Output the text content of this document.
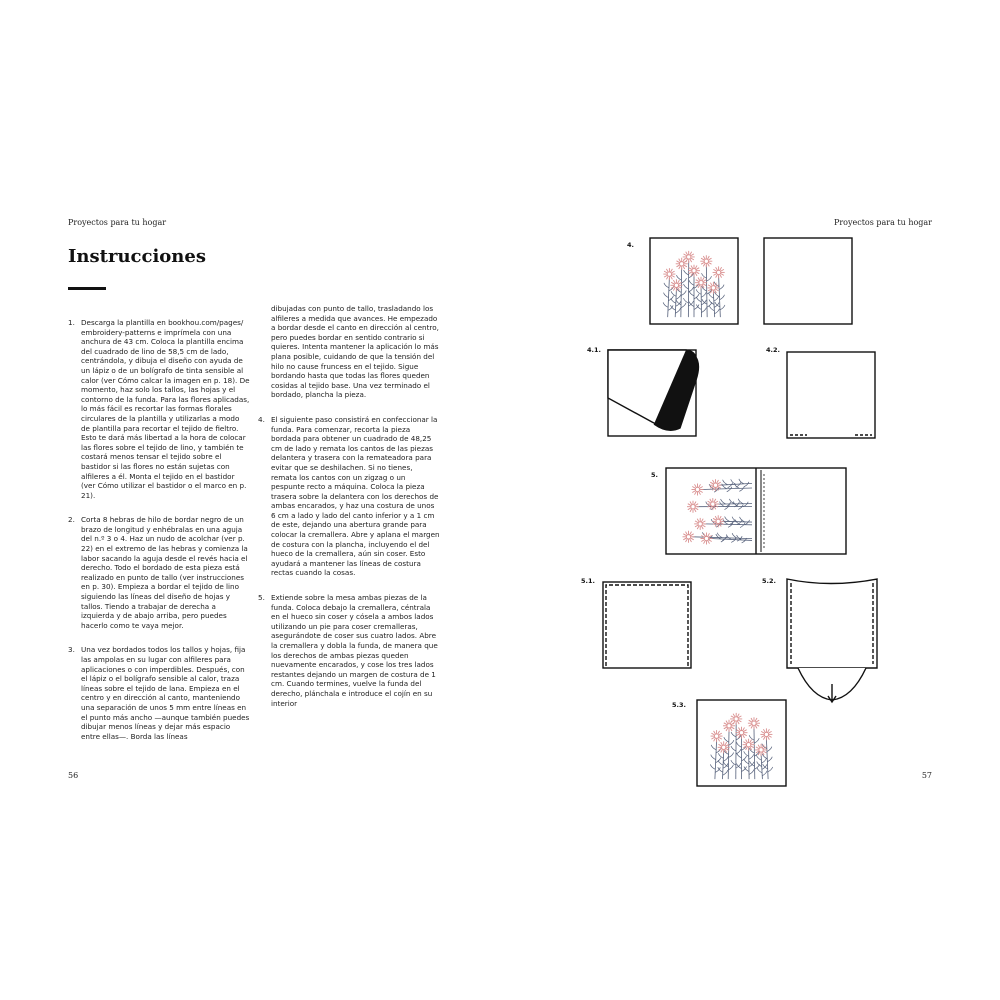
Proyectos para tu hogar	Proyectos para tu hogar
Instrucciones
1. Descarga la plantilla en bookhou.com/pages/ embroidery-patterns e imprímela con una anchura de 43 cm. Coloca la plantilla encima del cuadrado de lino de 58,5 cm de lado, centrándola, y dibuja el diseño con ayuda de un lápiz o de un bolígrafo de tinta sensible al calor (ver Cómo calcar la imagen en p. 18). De momento, haz solo los tallos, las hojas y el contorno de la funda. Para las flores aplicadas, lo más fácil es recortar las formas florales circulares de la plantilla y utilizarlas a modo de plantilla para recortar el tejido de fieltro. Esto te dará más libertad a la hora de colocar las flores sobre el tejido de lino, y también te costará menos tensar el tejido sobre el bastidor si las flores no están sujetas con alfileres a él. Monta el tejido en el bastidor (ver Cómo utilizar el bastidor o el marco en p. 21).
2. Corta 8 hebras de hilo de bordar negro de un brazo de longitud y enhébralas en una aguja del n.º 3 o 4. Haz un nudo de acolchar (ver p. 22) en el extremo de las hebras y comienza la labor sacando la aguja desde el revés hacia el derecho. Todo el bordado de esta pieza está realizado en punto de tallo (ver instrucciones en p. 30). Empieza a bordar el tejido de lino siguiendo las líneas del diseño de hojas y tallos. Tiendo a trabajar de derecha a izquierda y de abajo arriba, pero puedes hacerlo como te vaya mejor.
3. Una vez bordados todos los tallos y hojas, fija las ampolas en su lugar con alfileres para aplicaciones o con imperdibles. Después, con el lápiz o el bolígrafo sensible al calor, traza líneas sobre el tejido de lana. Empieza en el centro y en dirección al canto, manteniendo una separación de unos 5 mm entre líneas en el punto más ancho —aunque también puedes dibujar menos líneas y dejar más espacio entre ellas—. Borda las líneas
dibujadas con punto de tallo, trasladando los alfileres a medida que avances. He empezado a bordar desde el canto en dirección al centro, pero puedes bordar en sentido contrario si quieres. Intenta mantener la aplicación lo más plana posible, cuidando de que la tensión del hilo no cause fruncess en el tejido. Sigue bordando hasta que todas las flores queden cosidas al tejido base. Una vez terminado el bordado, plancha la pieza.
4. El siguiente paso consistirá en confeccionar la funda. Para comenzar, recorta la pieza bordada para obtener un cuadrado de 48,25 cm de lado y remata los cantos de las piezas delantera y trasera con la remateadora para evitar que se deshilachen. Si no tienes, remata los cantos con un zigzag o un pespunte recto a máquina. Coloca la pieza trasera sobre la delantera con los derechos de ambas encarados, y haz una costura de unos 6 cm a lado y lado del canto inferior y a 1 cm de este, dejando una abertura grande para colocar la cremallera. Abre y aplana el margen de costura con la plancha, incluyendo el del hueco de la cremallera, aún sin coser. Esto ayudará a mantener las líneas de costura rectas cuando la cosas.
5. Extiende sobre la mesa ambas piezas de la funda. Coloca debajo la cremallera, céntrala en el hueco sin coser y cósela a ambos lados utilizando un pie para coser cremalleras, asegurándote de coser sus cuatro lados. Abre la cremallera y dobla la funda, de manera que los derechos de ambas piezas queden nuevamente encarados, y cose los tres lados restantes dejando un margen de costura de 1 cm. Cuando termines, vuelve la funda del derecho, plánchala e introduce el cojín en su interior
56	57
4.
4.1.	4.2.
5.
5.1.	5.2.
5.3.
